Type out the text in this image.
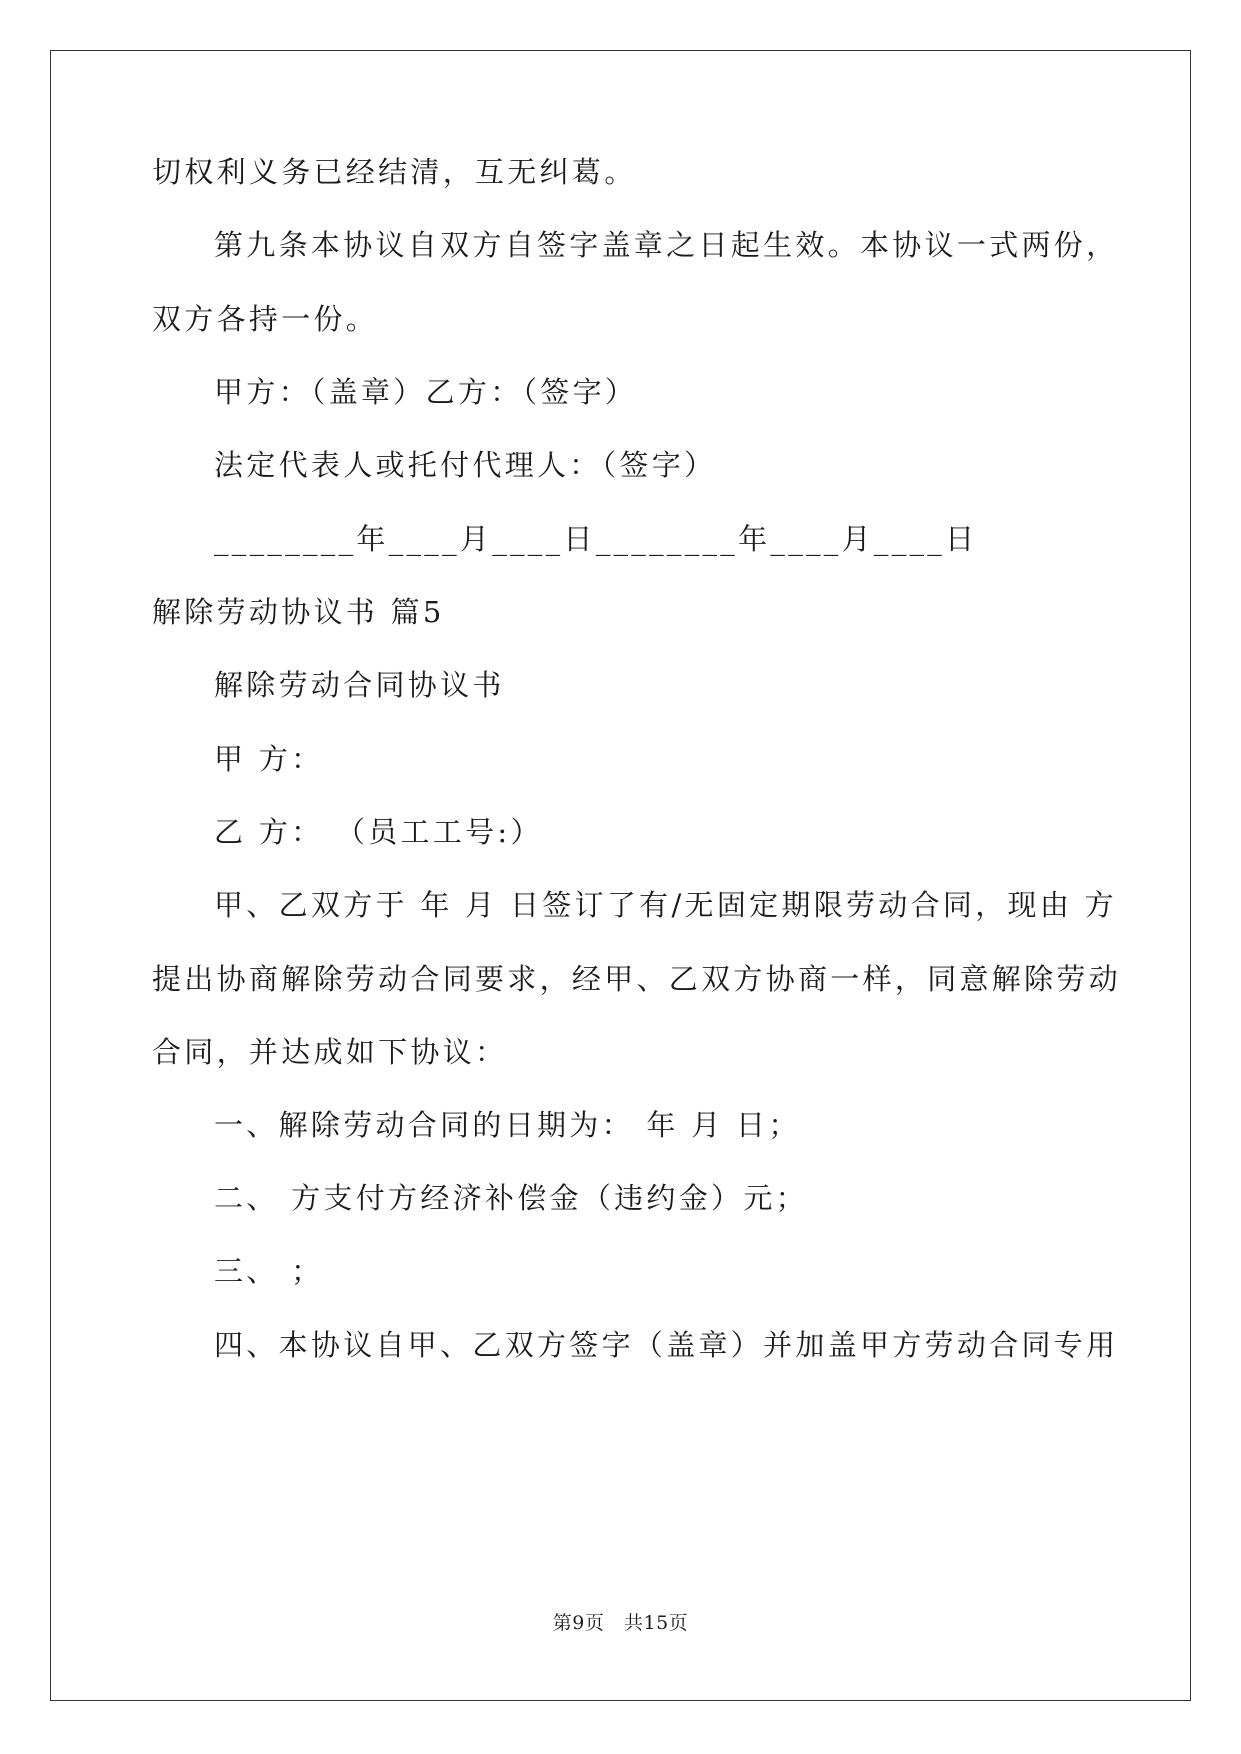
切权利义务已经结清，互无纠葛。
第九条本协议自双方自签字盖章之日起生效。本协议一式两份，
双方各持一份。
甲方：（盖章）乙方：（签字）
法定代表人或托付代理人：（签字）
________年____月____日________年____月____日
解除劳动协议书 篇5
解除劳动合同协议书
甲 方：
乙 方： （员工工号:）
甲、乙双方于 年 月 日签订了有/无固定期限劳动合同，现由 方
提出协商解除劳动合同要求，经甲、乙双方协商一样，同意解除劳动
合同，并达成如下协议：
一、解除劳动合同的日期为： 年 月 日；
二、 方支付方经济补偿金（违约金）元；
三、 ；
四、本协议自甲、乙双方签字（盖章）并加盖甲方劳动合同专用
第9页   共15页
